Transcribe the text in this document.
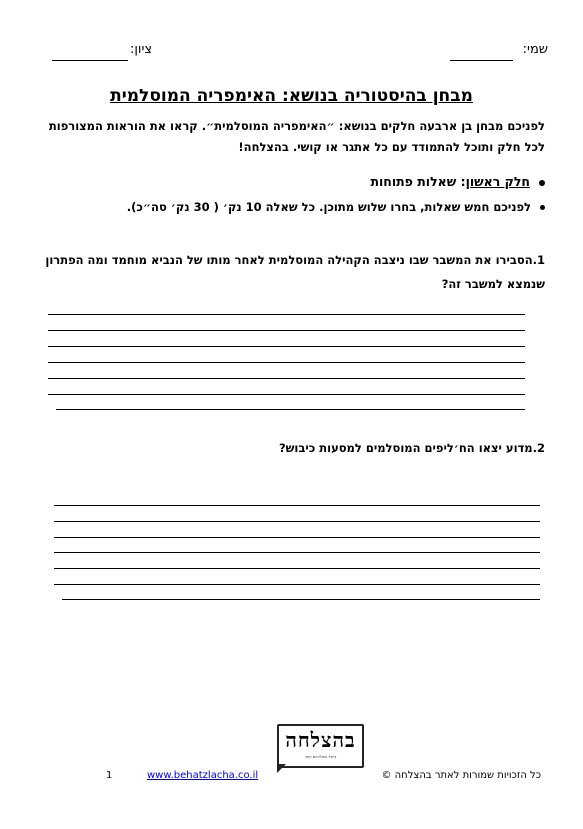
שמי:
ציון:
מבחן בהיסטוריה בנושא: האימפריה המוסלמית
לפניכם מבחן בן ארבעה חלקים בנושא: ״האימפריה המוסלמית״. קראו את הוראות המצורפות
לכל חלק ותוכל להתמודד עם כל אתגר או קושי. בהצלחה!
חלק ראשון: שאלות פתוחות
לפניכם חמש שאלות, בחרו שלוש מתוכן. כל שאלה 10 נק׳ ( 30 נק׳ סה״כ).
1.הסבירו את המשבר שבו ניצבה הקהילה המוסלמית לאחר מותו של הנביא מוחמד ומה הפתרון
שנמצא למשבר זה?
2.מדוע יצאו הח׳ליפים המוסלמים למסעות כיבוש?
בהצלחה
ביחד מצליחים יותר
כל הזכויות שמורות לאתר בהצלחה ©
www.behatzlacha.co.il
1
